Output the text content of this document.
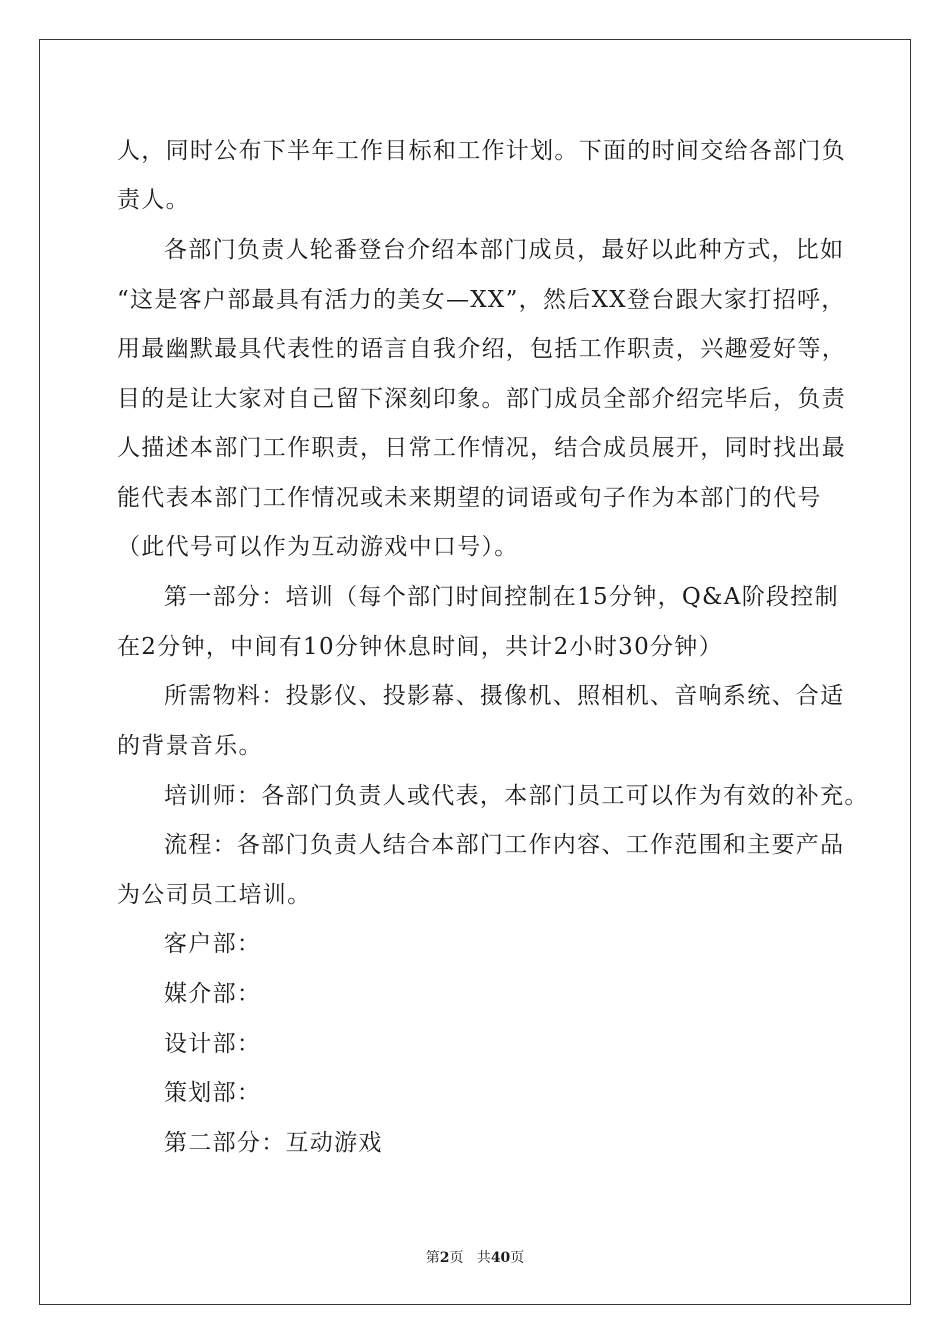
人，同时公布下半年工作目标和工作计划。下面的时间交给各部门负
责人。
各部门负责人轮番登台介绍本部门成员，最好以此种方式，比如
“这是客户部最具有活力的美女—XX”，然后XX登台跟大家打招呼，
用最幽默最具代表性的语言自我介绍，包括工作职责，兴趣爱好等，
目的是让大家对自己留下深刻印象。部门成员全部介绍完毕后，负责
人描述本部门工作职责，日常工作情况，结合成员展开，同时找出最
能代表本部门工作情况或未来期望的词语或句子作为本部门的代号
（此代号可以作为互动游戏中口号）。
第一部分：培训（每个部门时间控制在15分钟，Q&A阶段控制
在2分钟，中间有10分钟休息时间，共计2小时30分钟）
所需物料：投影仪、投影幕、摄像机、照相机、音响系统、合适
的背景音乐。
培训师：各部门负责人或代表，本部门员工可以作为有效的补充。
流程：各部门负责人结合本部门工作内容、工作范围和主要产品
为公司员工培训。
客户部：
媒介部：
设计部：
策划部：
第二部分：互动游戏
第2页 共40页
